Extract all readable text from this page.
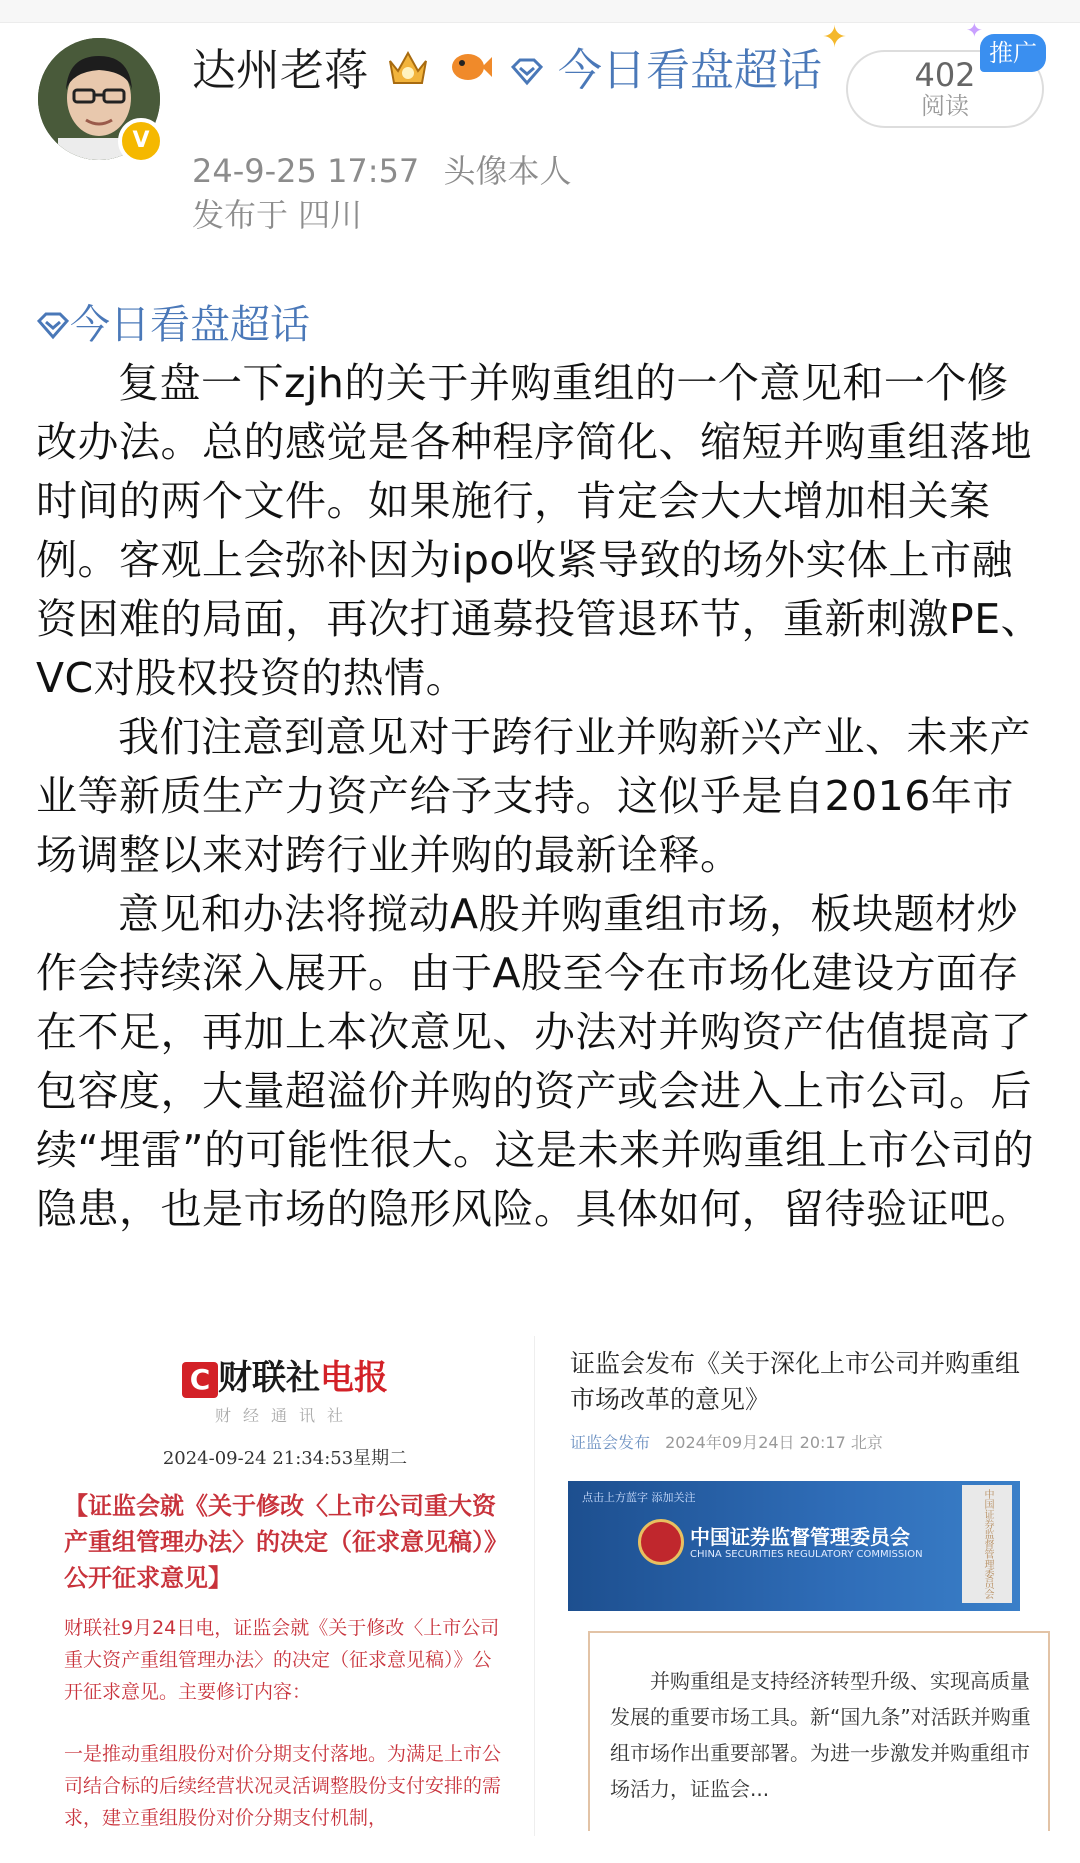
V
达州老蒋	今日看盘超话
24-9-25 17:57 头像本人
发布于 四川
✦	✦
402
阅读
推广
今日看盘超话

复盘一下zjh的关于并购重组的一个意见和一个修改办法。总的感觉是各种程序简化、缩短并购重组落地时间的两个文件。如果施行，肯定会大大增加相关案例。客观上会弥补因为ipo收紧导致的场外实体上市融资困难的局面，再次打通募投管退环节，重新刺激PE、VC对股权投资的热情。

我们注意到意见对于跨行业并购新兴产业、未来产业等新质生产力资产给予支持。这似乎是自2016年市场调整以来对跨行业并购的最新诠释。

意见和办法将搅动A股并购重组市场，板块题材炒作会持续深入展开。由于A股至今在市场化建设方面存在不足，再加上本次意见、办法对并购资产估值提高了包容度，大量超溢价并购的资产或会进入上市公司。后续“埋雷”的可能性很大。这是未来并购重组上市公司的隐患，也是市场的隐形风险。具体如何，留待验证吧。

C 财联社电报
财经通讯社
2024-09-24 21:34:53星期二
【证监会就《关于修改〈上市公司重大资产重组管理办法〉的决定（征求意见稿）》公开征求意见】
财联社9月24日电，证监会就《关于修改〈上市公司重大资产重组管理办法〉的决定（征求意见稿）》公开征求意见。主要修订内容：
一是推动重组股份对价分期支付落地。为满足上市公司结合标的后续经营状况灵活调整股份支付安排的需求，建立重组股份对价分期支付机制，
证监会发布《关于深化上市公司并购重组市场改革的意见》
证监会发布 2024年09月24日 20:17 北京
点击上方蓝字 添加关注
中国证券监督管理委员会
CHINA SECURITIES REGULATORY COMMISSION	中国证券监督管理委员会

并购重组是支持经济转型升级、实现高质量发展的重要市场工具。新“国九条”对活跃并购重组市场作出重要部署。为进一步激发并购重组市场活力，证监会...
